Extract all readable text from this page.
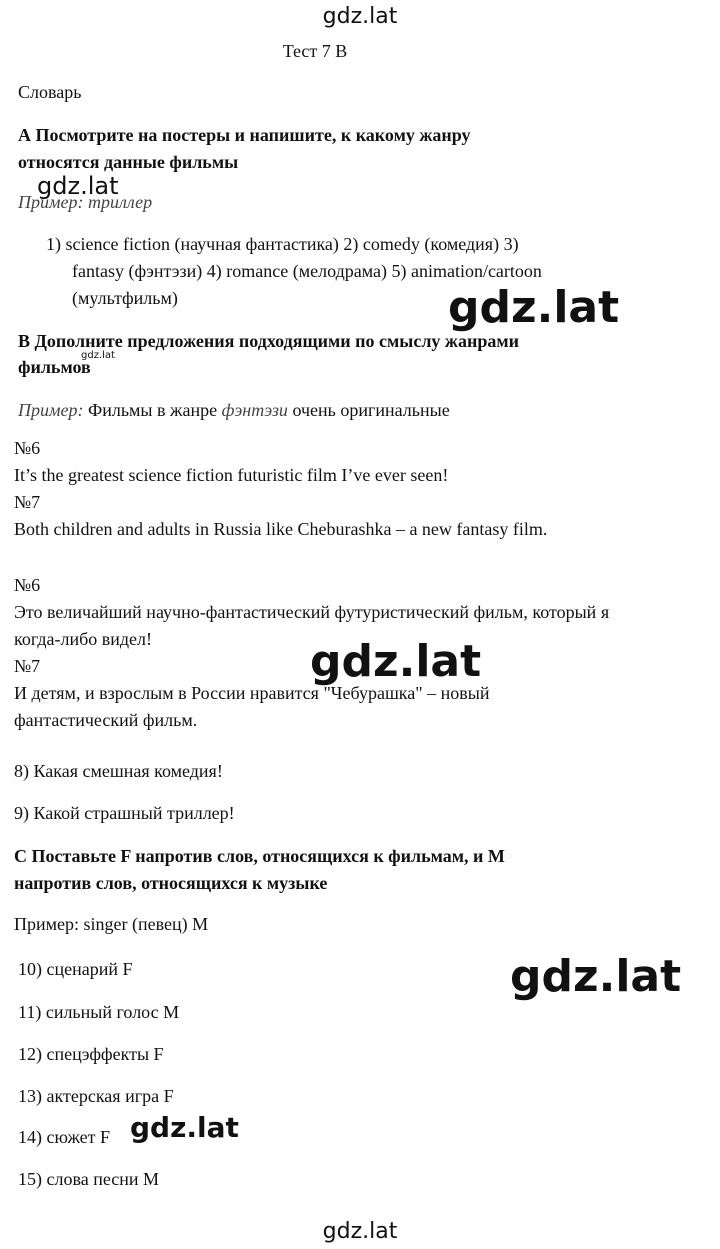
gdz.lat
gdz.lat
gdz.lat
gdz.lat
gdz.lat
gdz.lat
gdz.lat
gdz.lat
Тест 7 В
Словарь
А Посмотрите на постеры и напишите, к какому жанру
относятся данные фильмы
Пример: триллер
1) science fiction (научная фантастика) 2) comedy (комедия) 3)
fantasy (фэнтэзи) 4) romance (мелодрама) 5) animation/cartoon
(мультфильм)
В Дополните предложения подходящими по смыслу жанрами
фильмов
Пример: Фильмы в жанре фэнтэзи очень оригинальные
№6
It’s the greatest science fiction futuristic film I’ve ever seen!
№7
Both children and adults in Russia like Cheburashka – a new fantasy film.
№6
Это величайший научно-фантастический футуристический фильм, который я
когда-либо видел!
№7
И детям, и взрослым в России нравится "Чебурашка" – новый
фантастический фильм.
8) Какая смешная комедия!
9) Какой страшный триллер!
С Поставьте F напротив слов, относящихся к фильмам, и М
напротив слов, относящихся к музыке
Пример: singer (певец) М
10) сценарий F
11) сильный голос М
12) спецэффекты F
13) актерская игра F
14) сюжет F
15) слова песни М
